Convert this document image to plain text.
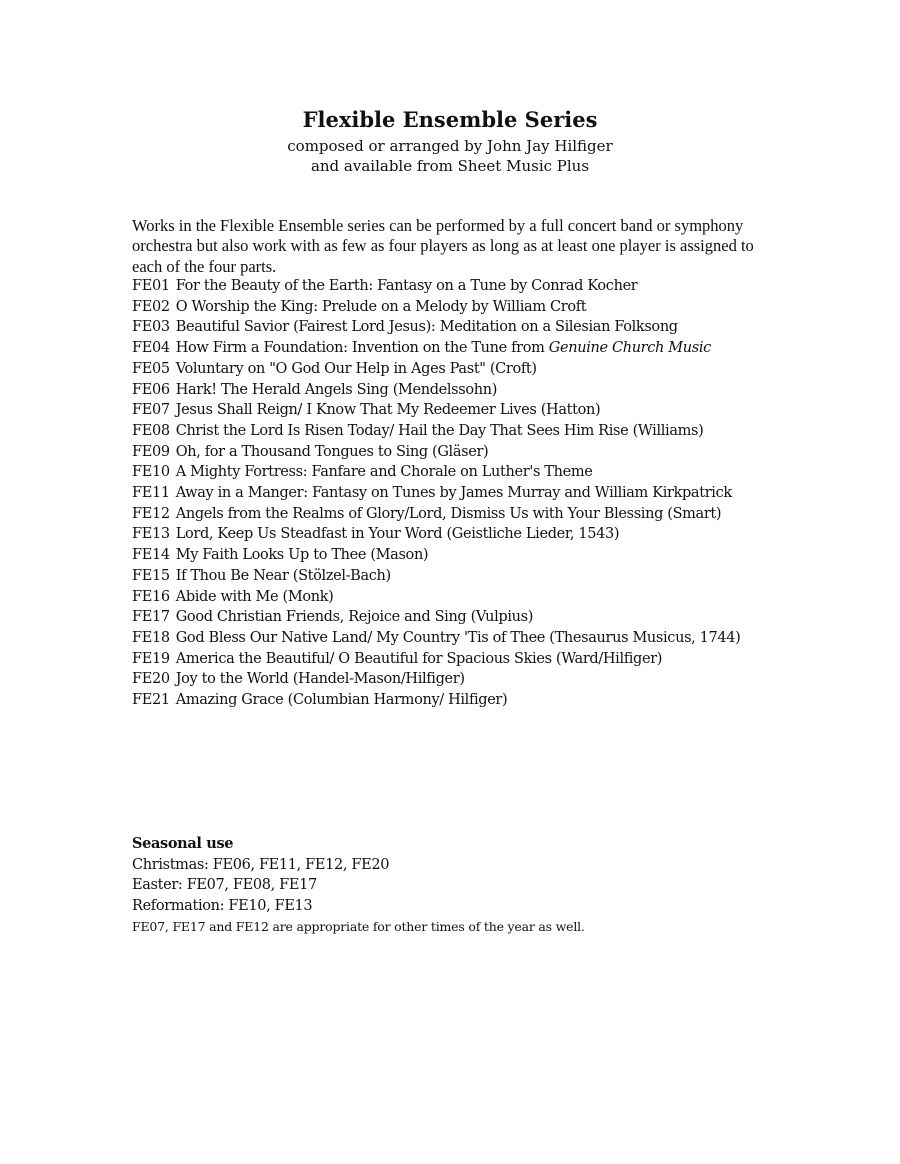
Flexible Ensemble Series
composed or arranged by John Jay Hilfiger
and available from Sheet Music Plus

Works in the Flexible Ensemble series can be performed by a full concert band or symphony orchestra but also work with as few as four players as long as at least one player is assigned to each of the four parts.

FE01 For the Beauty of the Earth: Fantasy on a Tune by Conrad Kocher
FE02 O Worship the King: Prelude on a Melody by William Croft
FE03 Beautiful Savior (Fairest Lord Jesus): Meditation on a Silesian Folksong
FE04 How Firm a Foundation: Invention on the Tune from Genuine Church Music
FE05 Voluntary on "O God Our Help in Ages Past" (Croft)
FE06 Hark! The Herald Angels Sing (Mendelssohn)
FE07 Jesus Shall Reign/ I Know That My Redeemer Lives (Hatton)
FE08 Christ the Lord Is Risen Today/ Hail the Day That Sees Him Rise (Williams)
FE09 Oh, for a Thousand Tongues to Sing (Gläser)
FE10 A Mighty Fortress: Fanfare and Chorale on Luther's Theme
FE11 Away in a Manger: Fantasy on Tunes by James Murray and William Kirkpatrick
FE12 Angels from the Realms of Glory/Lord, Dismiss Us with Your Blessing (Smart)
FE13 Lord, Keep Us Steadfast in Your Word (Geistliche Lieder, 1543)
FE14 My Faith Looks Up to Thee (Mason)
FE15 If Thou Be Near (Stölzel-Bach)
FE16 Abide with Me (Monk)
FE17 Good Christian Friends, Rejoice and Sing (Vulpius)
FE18 God Bless Our Native Land/ My Country 'Tis of Thee (Thesaurus Musicus, 1744)
FE19 America the Beautiful/ O Beautiful for Spacious Skies (Ward/Hilfiger)
FE20 Joy to the World (Handel-Mason/Hilfiger)
FE21 Amazing Grace (Columbian Harmony/ Hilfiger)
Seasonal use
Christmas: FE06, FE11, FE12, FE20
Easter: FE07, FE08, FE17
Reformation: FE10, FE13
FE07, FE17 and FE12 are appropriate for other times of the year as well.
